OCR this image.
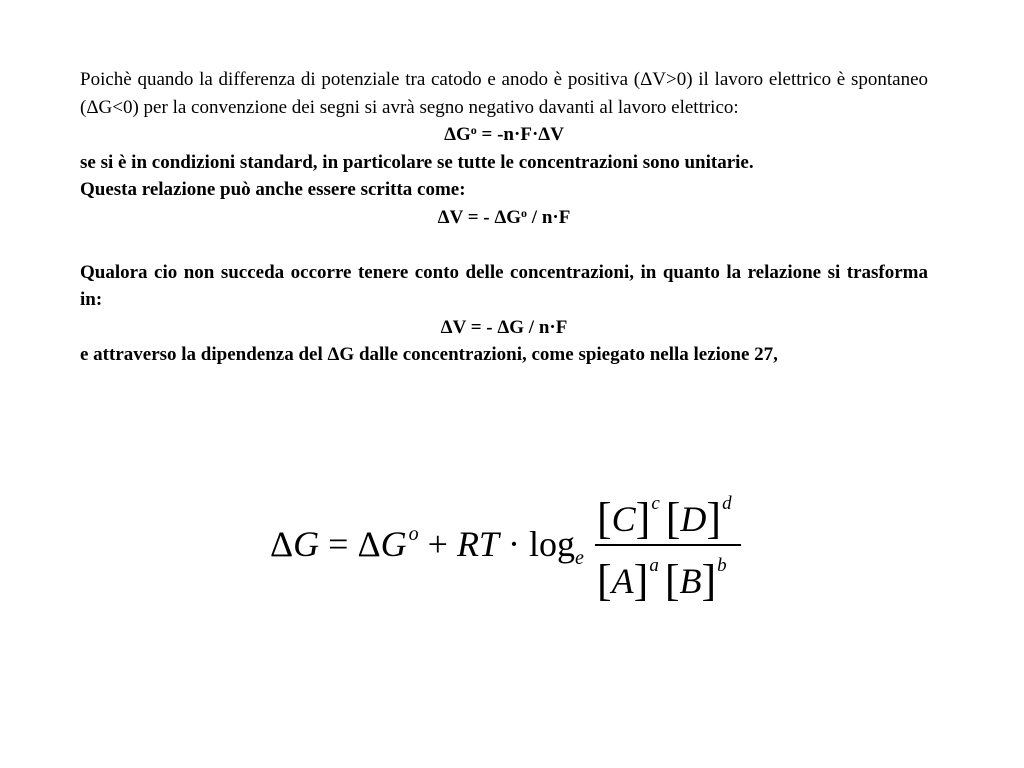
Poichè quando la differenza di potenziale tra catodo e anodo è positiva (ΔV>0) il lavoro elettrico è spontaneo (ΔG<0) per la convenzione dei segni si avrà segno negativo davanti al lavoro elettrico:

$\Delta G^o = -n\cdot F\cdot\Delta V$

se si è in condizioni standard, in particolare se tutte le concentrazioni sono unitarie.

Questa relazione può anche essere scritta come:

ΔV = - $\Delta G^o / n\cdot F$

Qualora cio non succeda occorre tenere conto delle concentrazioni, in quanto la relazione si trasforma in:

ΔV = - ΔG / n·F

e attraverso la dipendenza del ΔG dalle concentrazioni, come spiegato nella lezione 27,

ΔG = ΔG $^o$ + RT · $\log_e$
$[C]^c$ $[D]^d$
$[A]^a$ $[B]^b$
